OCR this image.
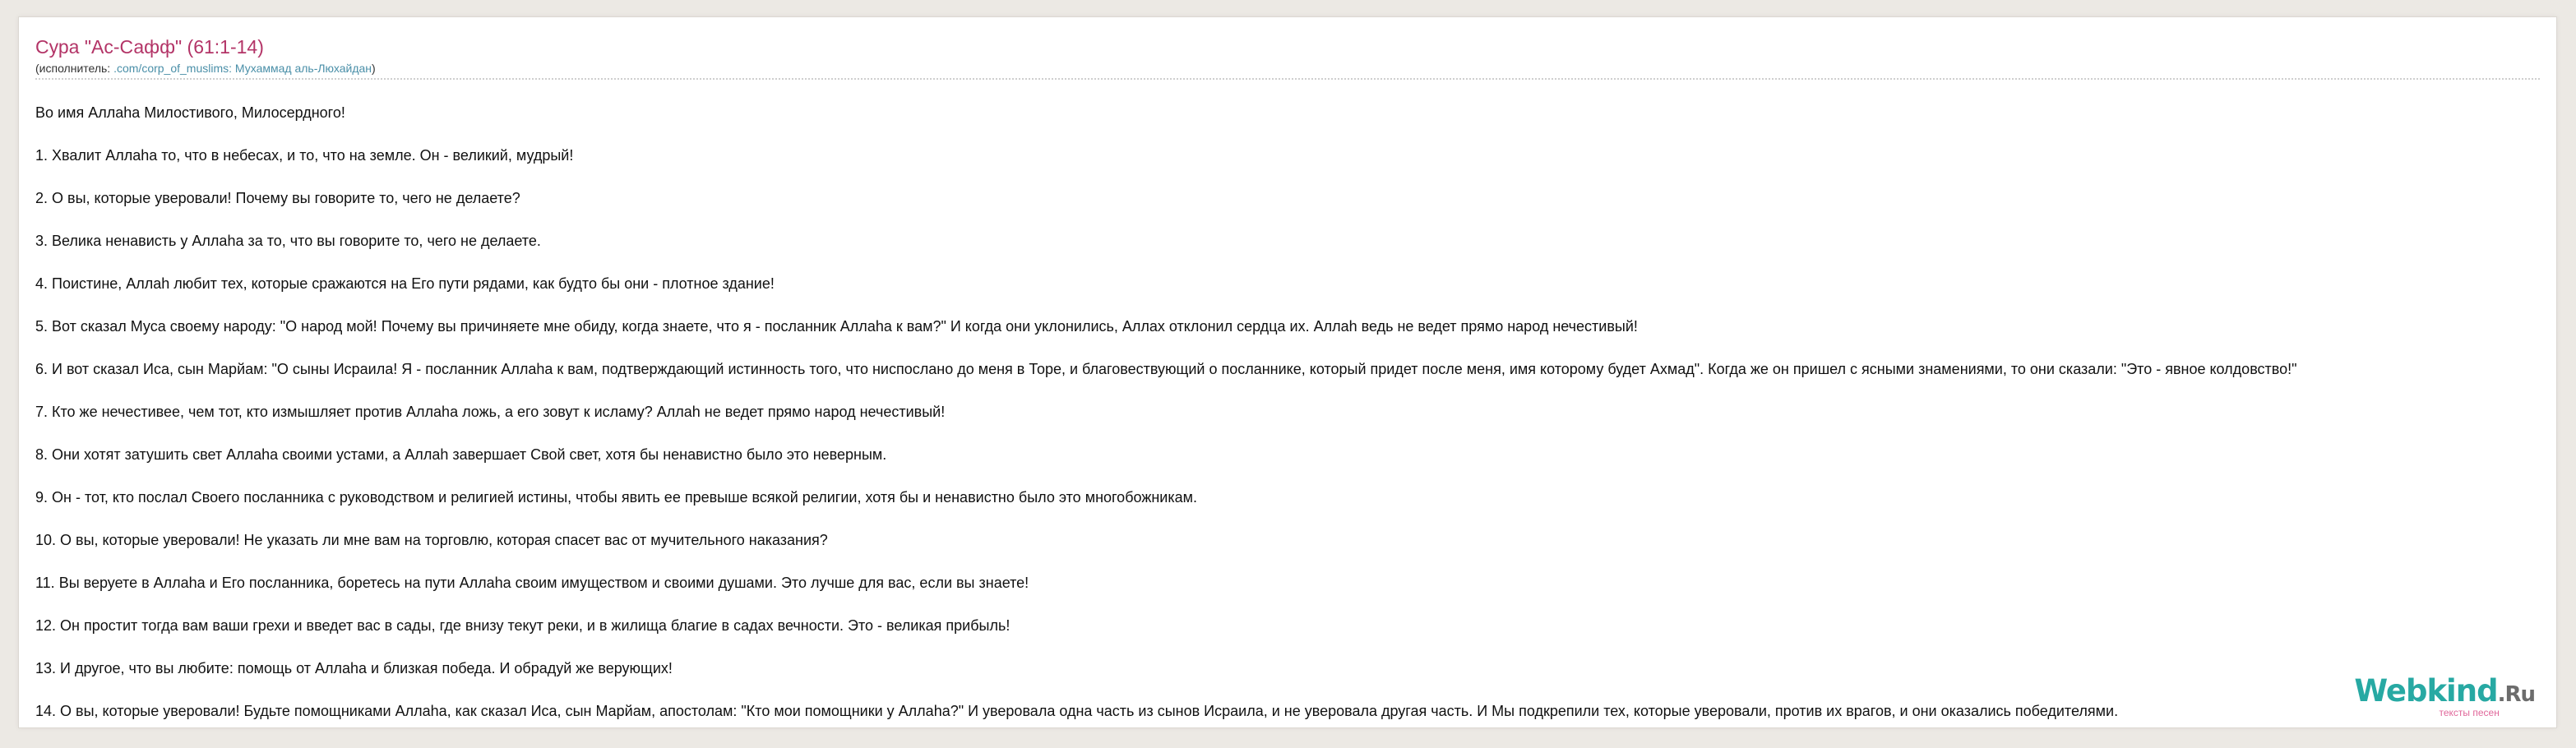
Сура "Ас-Сафф" (61:1-14)
(исполнитель: .com/corp_of_muslims: Мухаммад аль-Люхайдан)
Во имя Аллаhа Милостивого, Милосердного!
1. Хвалит Аллаhа то, что в небесах, и то, что на земле. Он - великий, мудрый!
2. О вы, которые уверовали! Почему вы говорите то, чего не делаете?
3. Велика ненависть у Аллаhа за то, что вы говорите то, чего не делаете.
4. Поистине, Аллаh любит тех, которые сражаются на Его пути рядами, как будто бы они - плотное здание!
5. Вот сказал Муса своему народу: "О народ мой! Почему вы причиняете мне обиду, когда знаете, что я - посланник Аллаhа к вам?" И когда они уклонились, Аллах отклонил сердца их. Аллаh ведь не ведет прямо народ нечестивый!
6. И вот сказал Иса, сын Марйам: "О сыны Исраила! Я - посланник Аллаhа к вам, подтверждающий истинность того, что ниспослано до меня в Торе, и благовествующий о посланнике, который придет после меня, имя которому будет Ахмад". Когда же он пришел с ясными знамениями, то они сказали: "Это - явное колдовство!"
7. Кто же нечестивее, чем тот, кто измышляет против Аллаhа ложь, а его зовут к исламу? Аллаh не ведет прямо народ нечестивый!
8. Они хотят затушить свет Аллаhа своими устами, а Аллаh завершает Свой свет, хотя бы ненавистно было это неверным.
9. Он - тот, кто послал Своего посланника с руководством и религией истины, чтобы явить ее превыше всякой религии, хотя бы и ненавистно было это многобожникам.
10. О вы, которые уверовали! Не указать ли мне вам на торговлю, которая спасет вас от мучительного наказания?
11. Вы веруете в Аллаhа и Его посланника, боретесь на пути Аллаhа своим имуществом и своими душами. Это лучше для вас, если вы знаете!
12. Он простит тогда вам ваши грехи и введет вас в сады, где внизу текут реки, и в жилища благие в садах вечности. Это - великая прибыль!
13. И другое, что вы любите: помощь от Аллаhа и близкая победа. И обрадуй же верующих!
14. О вы, которые уверовали! Будьте помощниками Аллаhа, как сказал Иса, сын Марйам, апостолам: "Кто мои помощники у Аллаhа?" И уверовала одна часть из сынов Исраила, и не уверовала другая часть. И Мы подкрепили тех, которые уверовали, против их врагов, и они оказались победителями.
Webkind.Ru
тексты песен
